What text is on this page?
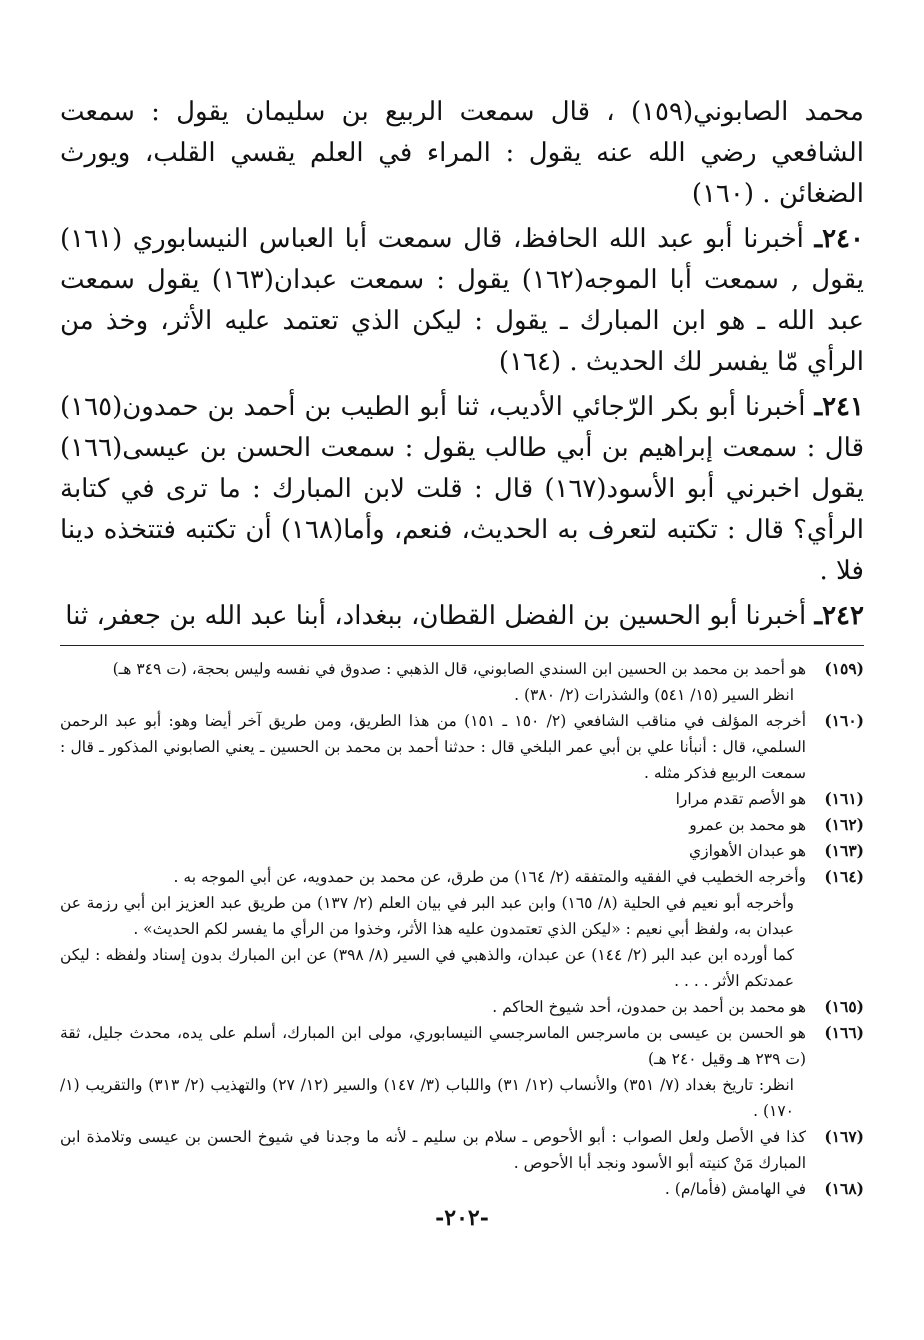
محمد الصابوني(١٥٩) ، قال سمعت الربيع بن سليمان يقول : سمعت الشافعي رضي الله عنه يقول : المراء في العلم يقسي القلب، ويورث الضغائن . (١٦٠)

٢٤٠ـ أخبرنا أبو عبد الله الحافظ، قال سمعت أبا العباس النيسابوري (١٦١) يقول , سمعت أبا الموجه(١٦٢) يقول : سمعت عبدان(١٦٣) يقول سمعت عبد الله ـ هو ابن المبارك ـ يقول : ليكن الذي تعتمد عليه الأثر، وخذ من الرأي مّا يفسر لك الحديث . (١٦٤)

٢٤١ـ أخبرنا أبو بكر الرّجائي الأديب، ثنا أبو الطيب بن أحمد بن حمدون(١٦٥) قال : سمعت إبراهيم بن أبي طالب يقول : سمعت الحسن بن عيسى(١٦٦) يقول اخبرني أبو الأسود(١٦٧) قال : قلت لابن المبارك : ما ترى في كتابة الرأي؟ قال : تكتبه لتعرف به الحديث، فنعم، وأما(١٦٨) أن تكتبه فتتخذه دينا فلا .

٢٤٢ـ أخبرنا أبو الحسين بن الفضل القطان، ببغداد، أبنا عبد الله بن جعفر، ثنا

(١٥٩)

هو أحمد بن محمد بن الحسين ابن السندي الصابوني، قال الذهبي : صدوق في نفسه وليس بحجة، (ت ٣٤٩ هـ)

انظر السير (١٥/ ٥٤١) والشذرات (٢/ ٣٨٠) .

(١٦٠)

أخرجه المؤلف في مناقب الشافعي (٢/ ١٥٠ ـ ١٥١) من هذا الطريق، ومن طريق آخر أيضا وهو: أبو عبد الرحمن السلمي، قال : أنبأنا علي بن أبي عمر البلخي قال : حدثنا أحمد بن محمد بن الحسين ـ يعني الصابوني المذكور ـ قال : سمعت الربيع فذكر مثله .

(١٦١)

هو الأصم تقدم مرارا

(١٦٢)

هو محمد بن عمرو

(١٦٣)

هو عبدان الأهوازي

(١٦٤)

وأخرجه الخطيب في الفقيه والمتفقه (٢/ ١٦٤) من طرق، عن محمد بن حمدويه، عن أبي الموجه به .

وأخرجه أبو نعيم في الحلية (٨/ ١٦٥) وابن عبد البر في بيان العلم (٢/ ١٣٧) من طريق عبد العزيز ابن أبي رزمة عن عبدان به، ولفظ أبي نعيم : «ليكن الذي تعتمدون عليه هذا الأثر، وخذوا من الرأي ما يفسر لكم الحديث» .

كما أورده ابن عبد البر (٢/ ١٤٤) عن عبدان، والذهبي في السير (٨/ ٣٩٨) عن ابن المبارك بدون إسناد ولفظه : ليكن عمدتكم الأثر . . . .

(١٦٥)

هو محمد بن أحمد بن حمدون، أحد شيوخ الحاكم .

(١٦٦)

هو الحسن بن عيسى بن ماسرجس الماسرجسي النيسابوري، مولى ابن المبارك، أسلم على يده، محدث جليل، ثقة (ت ٢٣٩ هـ وقيل ٢٤٠ هـ)

انظر: تاريخ بغداد (٧/ ٣٥١) والأنساب (١٢/ ٣١) واللباب (٣/ ١٤٧) والسير (١٢/ ٢٧) والتهذيب (٢/ ٣١٣) والتقريب (١/ ١٧٠) .

(١٦٧)

كذا في الأصل ولعل الصواب : أبو الأحوص ـ سلام بن سليم ـ لأنه ما وجدنا في شيوخ الحسن بن عيسى وتلامذة ابن المبارك مَنْ كنيته أبو الأسود ونجد أبا الأحوص .

(١٦٨)

في الهامش (فأما/م) .

-٢٠٢-
